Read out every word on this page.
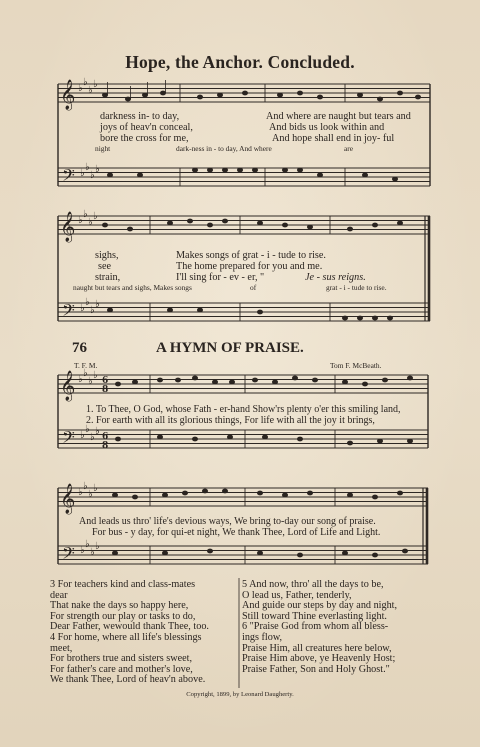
Hope, the Anchor. Concluded.
𝄞
𝄢
𝄞
𝄢
𝄞
𝄢
𝄞
𝄢
♭
♭
♭
♭
♭
♭
♭
♭
♭
♭
♭
♭
♭
♭
♭
♭
♭
♭
♭
♭
♭
♭
♭
♭
♭
♭
♭
♭
♭
♭
♭
♭
6
8
6
8
darkness in- to day,	And where are naught but tears and
joys of heav'n conceal,	And bids us look within and
bore the cross for me,	And hope shall end in joy- ful
night	dark-ness in - to day, And where	are
sighs,	Makes songs of grat - i - tude to rise.
see	The home prepared for you and me.
strain,	I'll sing for - ev - er, "	Je - sus reigns.
naught but tears and sighs, Makes songs	of	grat - i - tude to rise.
76	A HYMN OF PRAISE.
T. F. M.	Tom F. McBeath.
1. To Thee, O God, whose Fath - er-hand Show'rs plenty o'er this smiling land,
2. For earth with all its glorious things, For life with all the joy it brings,
And leads us thro' life's devious ways, We bring to-day our song of praise.
For bus - y day, for qui-et night, We thank Thee, Lord of Life and Light.
3 For teachers kind and class-mates
dear
That nake the days so happy here,
For strength our play or tasks to do,
Dear Father, wewould thank Thee, too.
4 For home, where all life's blessings
meet,
For brothers true and sisters sweet,
For father's care and mother's love,
We thank Thee, Lord of heav'n above.
5 And now, thro' all the days to be,
O lead us, Father, tenderly,
And guide our steps by day and night,
Still toward Thine everlasting light.
6 "Praise God from whom all bless-
ings flow,
Praise Him, all creatures here below,
Praise Him above, ye Heavenly Host;
Praise Father, Son and Holy Ghost."
Copyright, 1899, by Leonard Daugherty.
